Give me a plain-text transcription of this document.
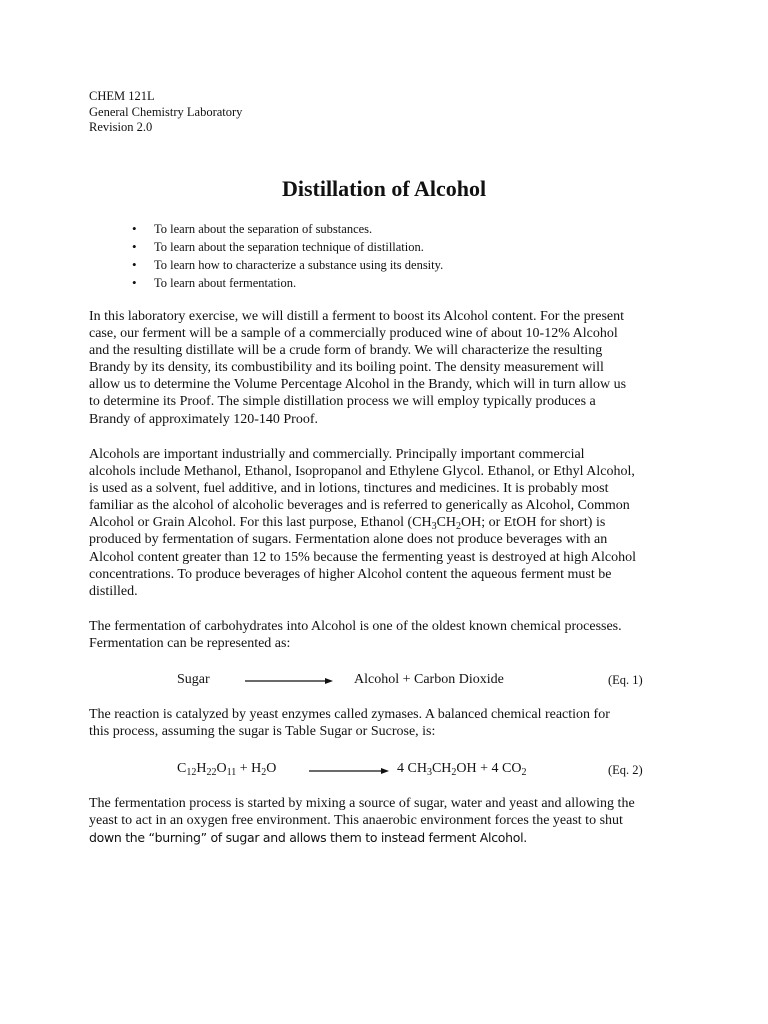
CHEM 121L
General Chemistry Laboratory
Revision 2.0
Distillation of Alcohol
• To learn about the separation of substances.
• To learn about the separation technique of distillation.
• To learn how to characterize a substance using its density.
• To learn about fermentation.
In this laboratory exercise, we will distill a ferment to boost its Alcohol content. For the present
case, our ferment will be a sample of a commercially produced wine of about 10-12% Alcohol
and the resulting distillate will be a crude form of brandy. We will characterize the resulting
Brandy by its density, its combustibility and its boiling point. The density measurement will
allow us to determine the Volume Percentage Alcohol in the Brandy, which will in turn allow us
to determine its Proof. The simple distillation process we will employ typically produces a
Brandy of approximately 120-140 Proof.
Alcohols are important industrially and commercially. Principally important commercial
alcohols include Methanol, Ethanol, Isopropanol and Ethylene Glycol. Ethanol, or Ethyl Alcohol,
is used as a solvent, fuel additive, and in lotions, tinctures and medicines. It is probably most
familiar as the alcohol of alcoholic beverages and is referred to generically as Alcohol, Common
Alcohol or Grain Alcohol. For this last purpose, Ethanol ($CH_3CH_2OH$; or EtOH for short) is
produced by fermentation of sugars. Fermentation alone does not produce beverages with an
Alcohol content greater than 12 to 15% because the fermenting yeast is destroyed at high Alcohol
concentrations. To produce beverages of higher Alcohol content the aqueous ferment must be
distilled.
The fermentation of carbohydrates into Alcohol is one of the oldest known chemical processes.
Fermentation can be represented as:
Sugar	Alcohol + Carbon Dioxide	(Eq. 1)
The reaction is catalyzed by yeast enzymes called zymases. A balanced chemical reaction for
this process, assuming the sugar is Table Sugar or Sucrose, is:
$C_{12}H_{22}O_{11} + H_2O$	4 $CH_3CH_2OH + 4$ $CO_2$	(Eq. 2)
The fermentation process is started by mixing a source of sugar, water and yeast and allowing the
yeast to act in an oxygen free environment. This anaerobic environment forces the yeast to shut
down the “burning” of sugar and allows them to instead ferment Alcohol.
